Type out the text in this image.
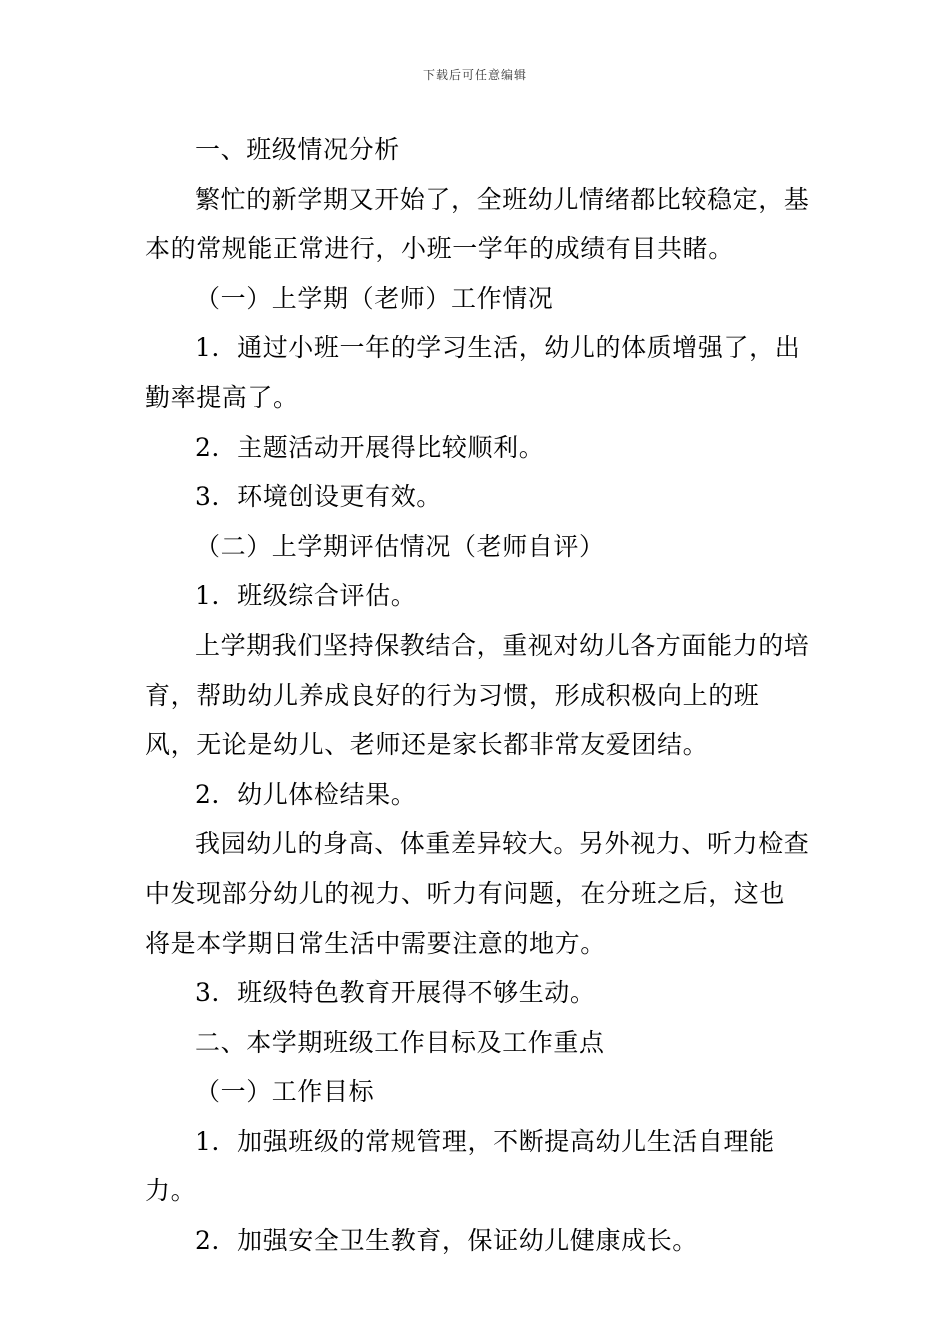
下载后可任意编辑

一、班级情况分析

繁忙的新学期又开始了，全班幼儿情绪都比较稳定，基本的常规能正常进行，小班一学年的成绩有目共睹。

（一）上学期（老师）工作情况

1．通过小班一年的学习生活，幼儿的体质增强了，出勤率提高了。

2．主题活动开展得比较顺利。

3．环境创设更有效。

（二）上学期评估情况（老师自评）

1．班级综合评估。

上学期我们坚持保教结合，重视对幼儿各方面能力的培育，帮助幼儿养成良好的行为习惯，形成积极向上的班风，无论是幼儿、老师还是家长都非常友爱团结。

2．幼儿体检结果。

我园幼儿的身高、体重差异较大。另外视力、听力检查中发现部分幼儿的视力、听力有问题，在分班之后，这也将是本学期日常生活中需要注意的地方。

3．班级特色教育开展得不够生动。

二、本学期班级工作目标及工作重点

（一）工作目标

1．加强班级的常规管理，不断提高幼儿生活自理能力。

2．加强安全卫生教育，保证幼儿健康成长。
